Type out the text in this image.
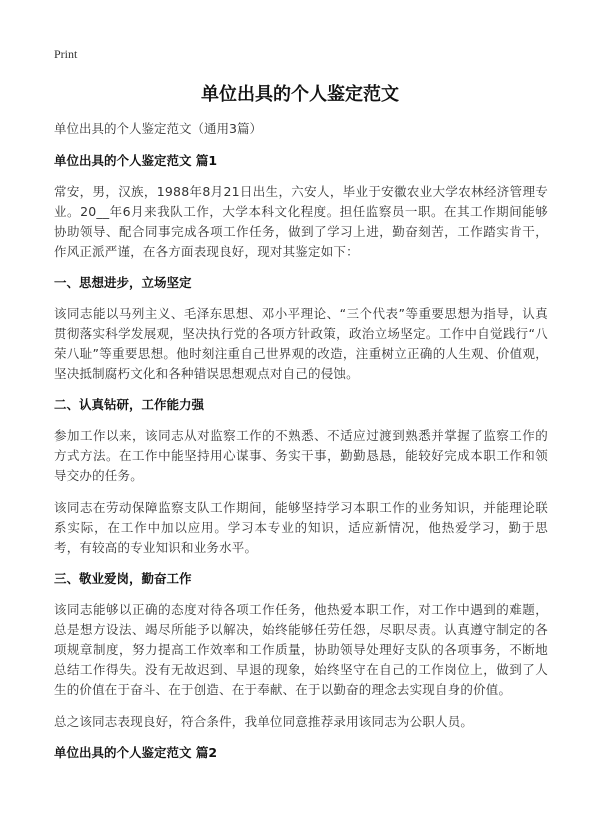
Print
单位出具的个人鉴定范文
单位出具的个人鉴定范文（通用3篇）
单位出具的个人鉴定范文 篇1

常安，男，汉族，1988年8月21日出生，六安人，毕业于安徽农业大学农林经济管理专业。20__年6月来我队工作，大学本科文化程度。担任监察员一职。在其工作期间能够协助领导、配合同事完成各项工作任务，做到了学习上进，勤奋刻苦，工作踏实肯干，作风正派严谨，在各方面表现良好，现对其鉴定如下：

一、思想进步，立场坚定

该同志能以马列主义、毛泽东思想、邓小平理论、“三个代表”等重要思想为指导，认真贯彻落实科学发展观，坚决执行党的各项方针政策，政治立场坚定。工作中自觉践行“八荣八耻”等重要思想。他时刻注重自己世界观的改造，注重树立正确的人生观、价值观，坚决抵制腐朽文化和各种错误思想观点对自己的侵蚀。

二、认真钻研，工作能力强

参加工作以来，该同志从对监察工作的不熟悉、不适应过渡到熟悉并掌握了监察工作的方式方法。在工作中能坚持用心谋事、务实干事，勤勤恳恳，能较好完成本职工作和领导交办的任务。

该同志在劳动保障监察支队工作期间，能够坚持学习本职工作的业务知识，并能理论联系实际，在工作中加以应用。学习本专业的知识，适应新情况，他热爱学习，勤于思考，有较高的专业知识和业务水平。

三、敬业爱岗，勤奋工作

该同志能够以正确的态度对待各项工作任务，他热爱本职工作，对工作中遇到的难题，总是想方设法、竭尽所能予以解决，始终能够任劳任怨，尽职尽责。认真遵守制定的各项规章制度，努力提高工作效率和工作质量，协助领导处理好支队的各项事务，不断地总结工作得失。没有无故迟到、早退的现象，始终坚守在自己的工作岗位上，做到了人生的价值在于奋斗、在于创造、在于奉献、在于以勤奋的理念去实现自身的价值。

总之该同志表现良好，符合条件，我单位同意推荐录用该同志为公职人员。

单位出具的个人鉴定范文 篇2
